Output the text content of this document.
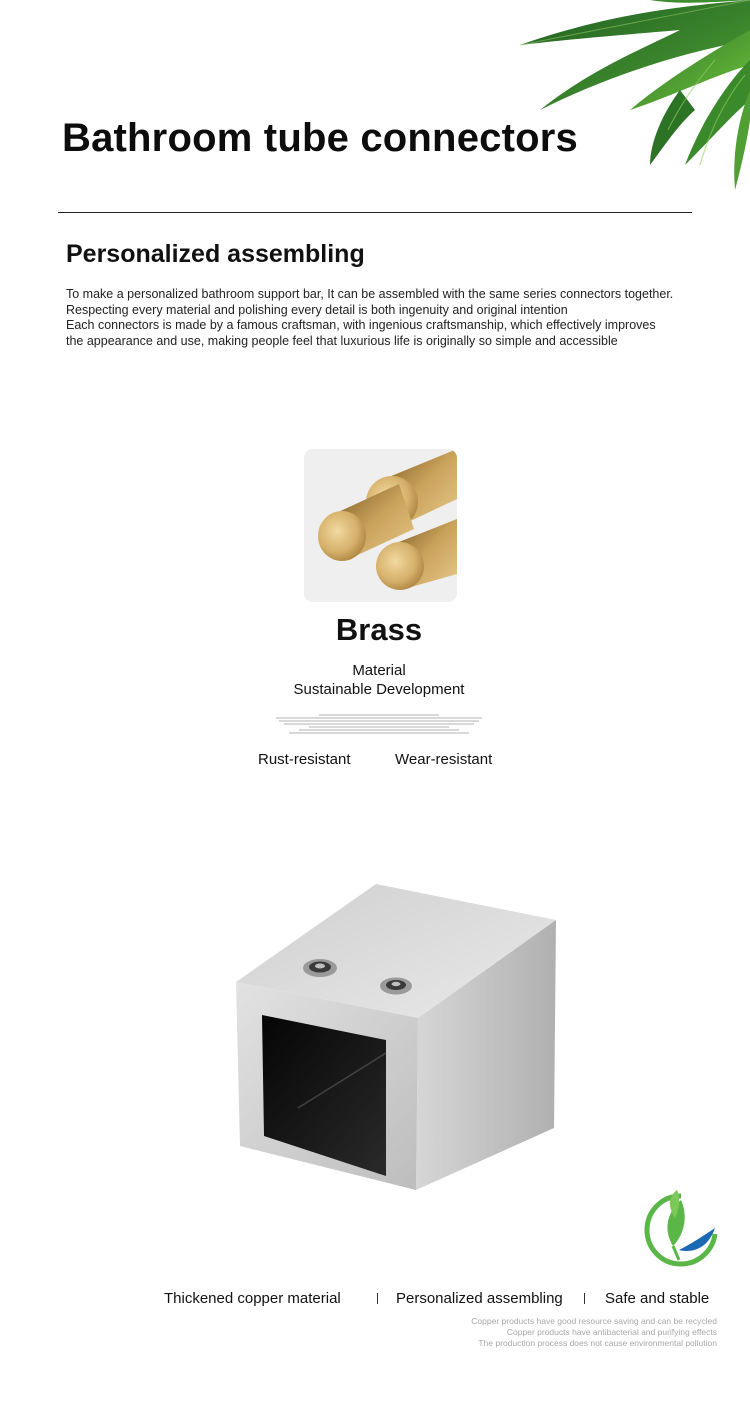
Bathroom tube connectors
Personalized assembling
To make a personalized bathroom support bar, It can be assembled with the same series connectors together.
Respecting every material and polishing every detail is both ingenuity and original intention
Each connectors is made by a famous craftsman, with ingenious craftsmanship, which effectively improves
the appearance and use, making people feel that luxurious life is originally so simple and accessible
Brass
Material
Sustainable Development
Rust-resistant	Wear-resistant
Thickened copper material	Personalized assembling	Safe and stable
Copper products have good resource saving and can be recycled
Copper products have antibacterial and purifying effects
The production process does not cause environmental pollution
